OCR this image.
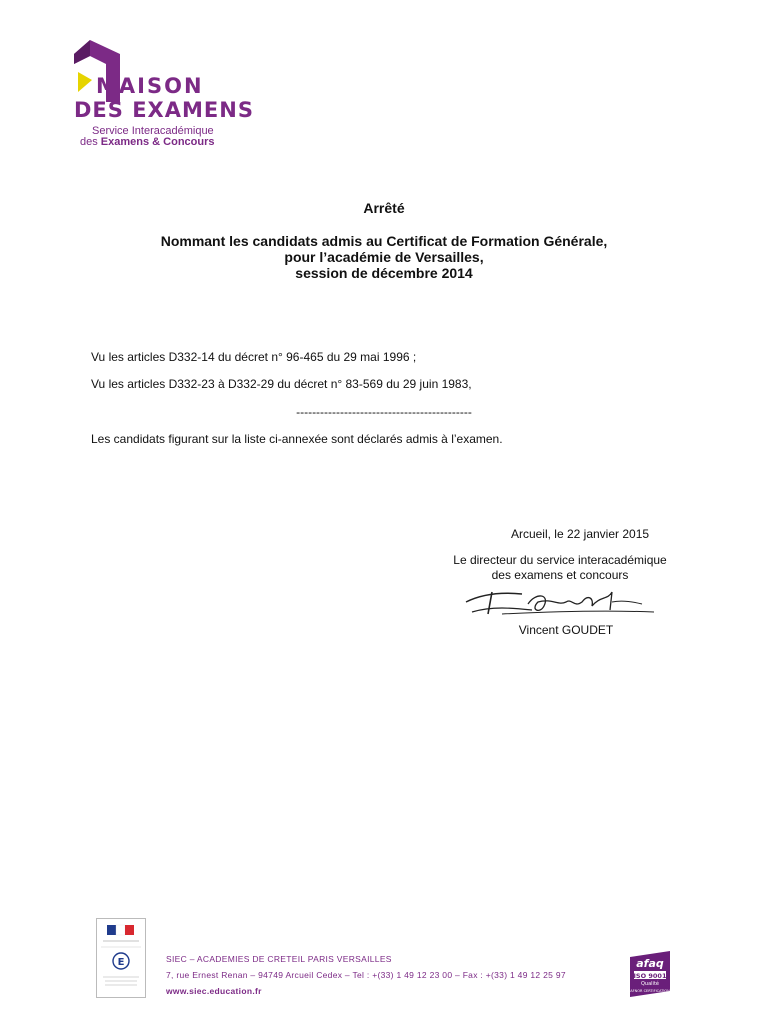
MAISON
DES EXAMENS
Service Interacadémique
des Examens & Concours
Arrêté
Nommant les candidats admis au Certificat de Formation Générale,
pour l’académie de Versailles,
session de décembre 2014
Vu les articles D332-14 du décret n° 96-465 du 29 mai 1996 ;
Vu les articles D332-23 à D332-29 du décret n° 83-569 du 29 juin 1983,
--------------------------------------------
Les candidats figurant sur la liste ci-annexée sont déclarés admis à l’examen.
Arcueil, le 22 janvier 2015
Le directeur du service interacadémique
des examens et concours
Vincent GOUDET
E	SIEC – ACADEMIES DE CRETEIL PARIS VERSAILLES
7, rue Ernest Renan – 94749 Arcueil Cedex – Tel : +(33) 1 49 12 23 00 – Fax : +(33) 1 49 12 25 97
www.siec.education.fr
afaq
ISO 9001
Qualité
AFNOR CERTIFICATION
